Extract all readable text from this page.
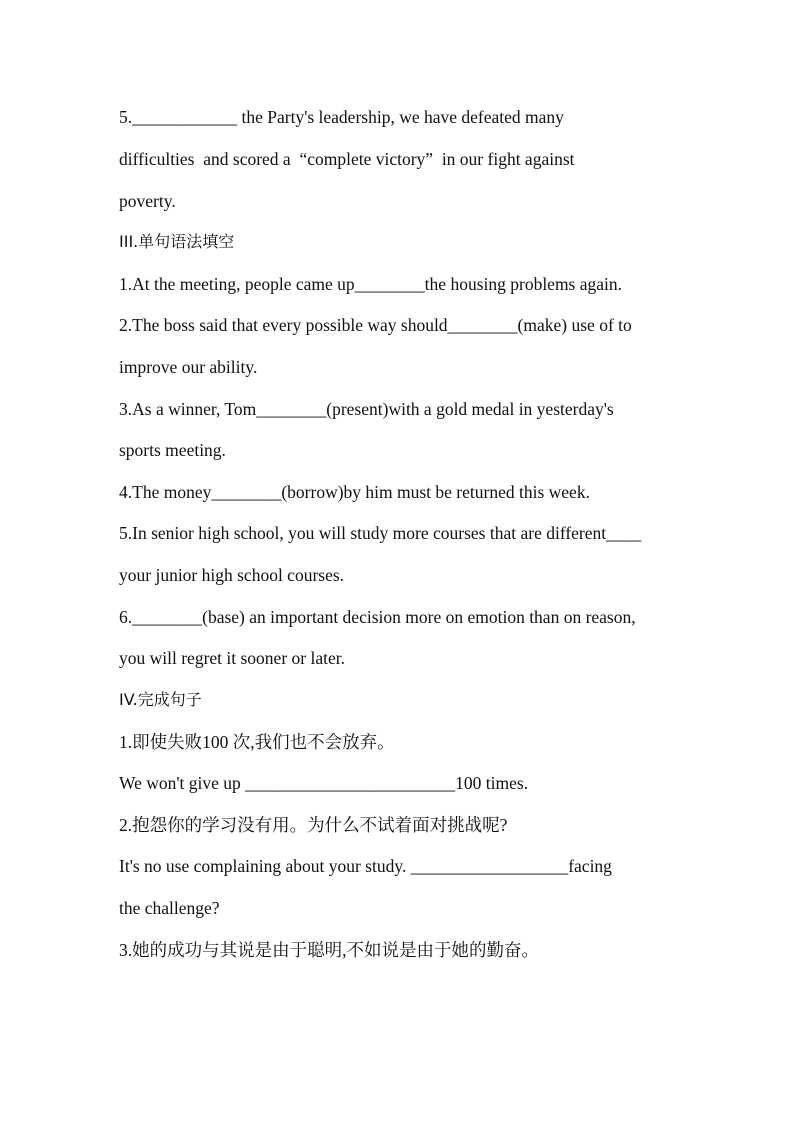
5.____________ the Party's leadership, we have defeated many

difficulties  and scored a  “complete victory”  in our fight against

poverty.

III.单句语法填空

1.At the meeting, people came up________the housing problems again.

2.The boss said that every possible way should________(make) use of to

improve our ability.

3.As a winner, Tom________(present)with a gold medal in yesterday's

sports meeting.

4.The money________(borrow)by him must be returned this week.

5.In senior high school, you will study more courses that are different____

your junior high school courses.

6.________(base) an important decision more on emotion than on reason,

you will regret it sooner or later.

IV.完成句子

1.即使失败100 次,我们也不会放弃。

We won't give up ________________________100 times.

2.抱怨你的学习没有用。为什么不试着面对挑战呢?

It's no use complaining about your study. __________________facing

the challenge?

3.她的成功与其说是由于聪明,不如说是由于她的勤奋。
